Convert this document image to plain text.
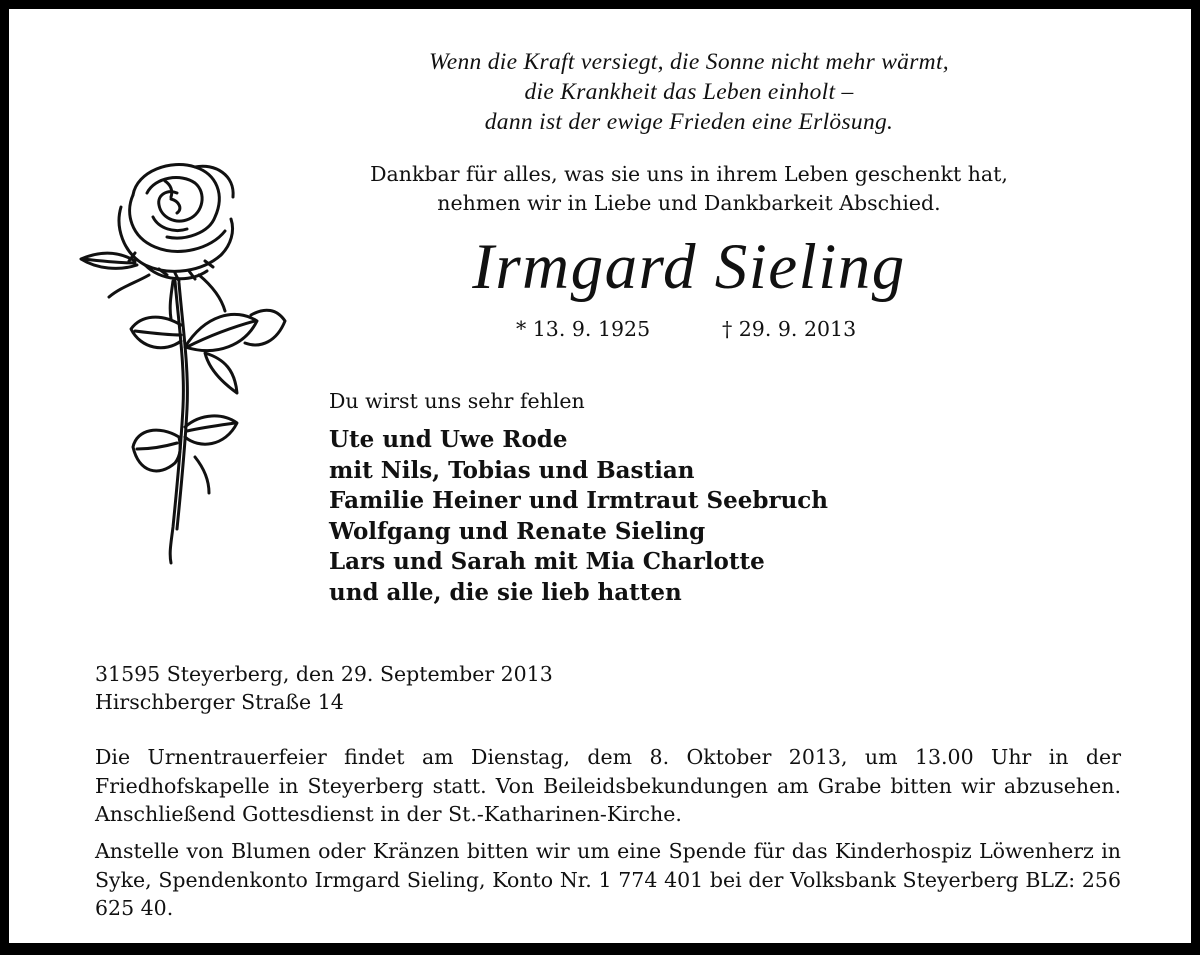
Wenn die Kraft versiegt, die Sonne nicht mehr wärmt,
die Krankheit das Leben einholt –
dann ist der ewige Frieden eine Erlösung.
Dankbar für alles, was sie uns in ihrem Leben geschenkt hat,
nehmen wir in Liebe und Dankbarkeit Abschied.
Irmgard Sieling
* 13. 9. 1925	† 29. 9. 2013
Du wirst uns sehr fehlen
Ute und Uwe Rode
mit Nils, Tobias und Bastian
Familie Heiner und Irmtraut Seebruch
Wolfgang und Renate Sieling
Lars und Sarah mit Mia Charlotte
und alle, die sie lieb hatten
31595 Steyerberg, den 29. September 2013
Hirschberger Straße 14
Die Urnentrauerfeier findet am Dienstag, dem 8. Oktober 2013, um 13.00 Uhr in der Friedhofskapelle in Steyerberg statt. Von Beileidsbekundungen am Grabe bitten wir abzusehen. Anschließend Gottesdienst in der St.-Katharinen-Kirche.
Anstelle von Blumen oder Kränzen bitten wir um eine Spende für das Kinderhospiz Löwenherz in Syke, Spendenkonto Irmgard Sieling, Konto Nr. 1 774 401 bei der Volksbank Steyerberg BLZ: 256 625 40.
